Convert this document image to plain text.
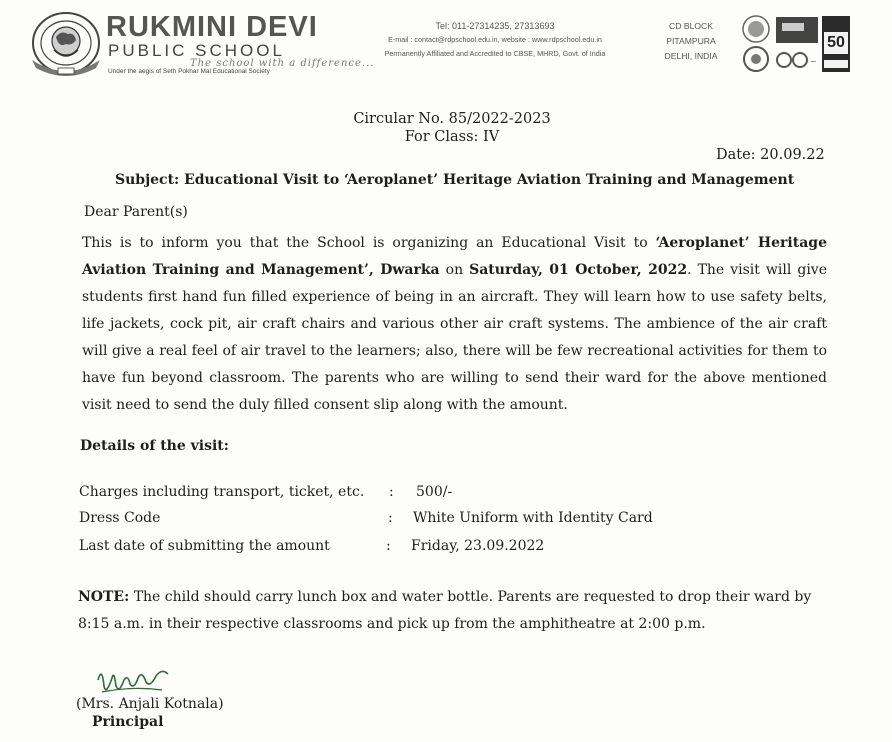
RUKMINI DEVI
PUBLIC SCHOOL
The school with a difference...
Under the aegis of Seth Pokhar Mal Educational Society
Tel: 011-27314235, 27313693
E-mail : contact@rdpschool.edu.in, website : www.rdpschool.edu.in
Permanently Affiliated and Accredited to CBSE, MHRD, Govt. of India
CD BLOCK
PITAMPURA
DELHI, INDIA
~
50
Circular No. 85/2022-2023
For Class: IV
Date: 20.09.22
Subject: Educational Visit to ‘Aeroplanet’ Heritage Aviation Training and Management
Dear Parent(s)
This is to inform you that the School is organizing an Educational Visit to ‘Aeroplanet’ Heritage Aviation Training and Management’, Dwarka on Saturday, 01 October, 2022. The visit will give students first hand fun filled experience of being in an aircraft. They will learn how to use safety belts, life jackets, cock pit, air craft chairs and various other air craft systems. The ambience of the air craft will give a real feel of air travel to the learners; also, there will be few recreational activities for them to have fun beyond classroom. The parents who are willing to send their ward for the above mentioned visit need to send the duly filled consent slip along with the amount.
Details of the visit:
Charges including transport, ticket, etc. : 500/-
Dress Code	: White Uniform with Identity Card
Last date of submitting the amount	: Friday, 23.09.2022
NOTE: The child should carry lunch box and water bottle. Parents are requested to drop their ward by 8:15 a.m. in their respective classrooms and pick up from the amphitheatre at 2:00 p.m.
(Mrs. Anjali Kotnala)
Principal
